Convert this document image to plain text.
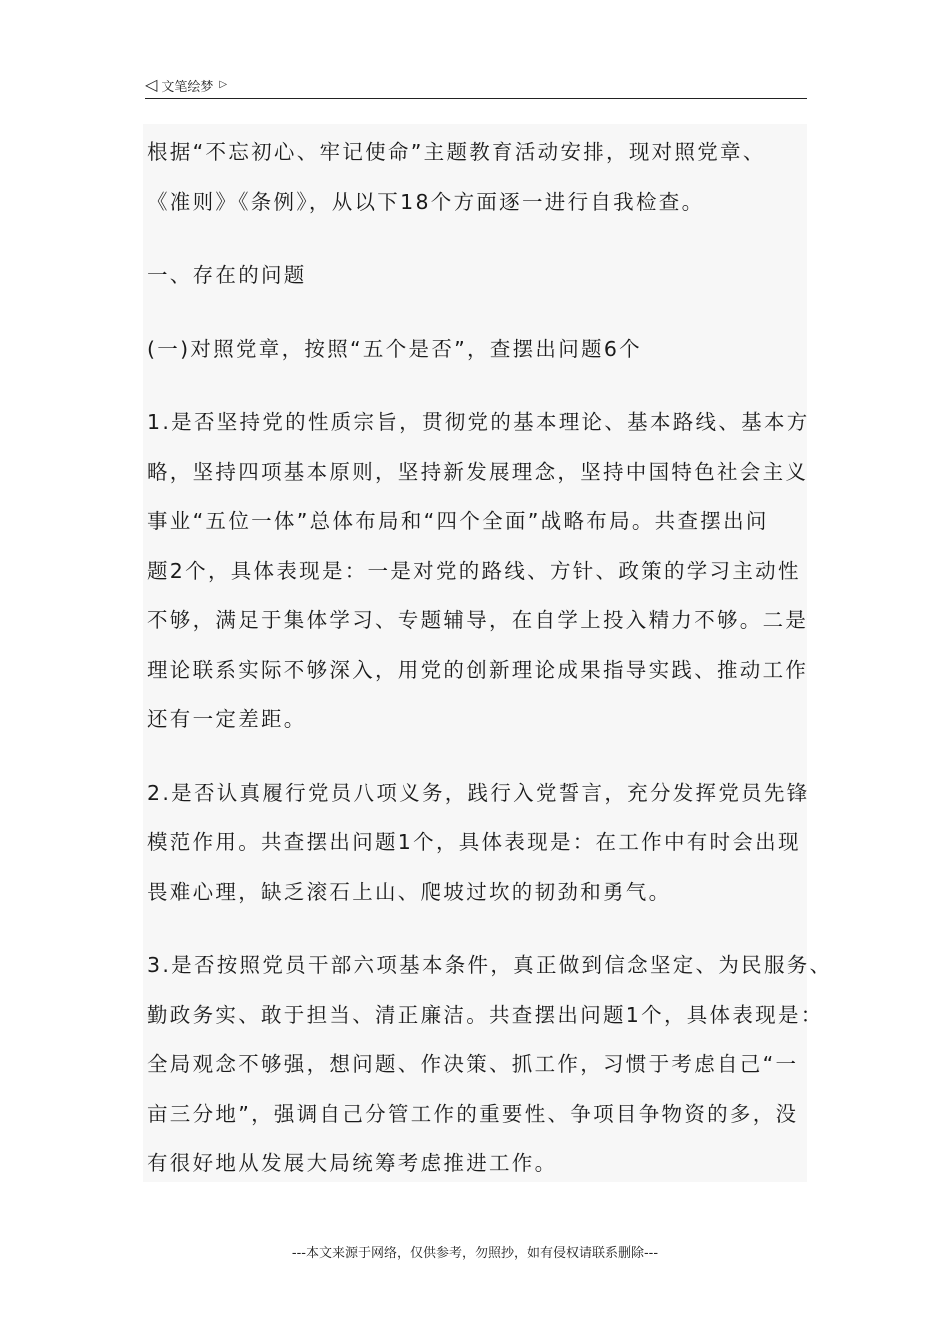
◁ 文笔绘梦 ▷
根据“不忘初心、牢记使命”主题教育活动安排，现对照党章、
《准则》《条例》，从以下18个方面逐一进行自我检查。
一、存在的问题
(一)对照党章，按照“五个是否”，查摆出问题6个
1.是否坚持党的性质宗旨，贯彻党的基本理论、基本路线、基本方
略，坚持四项基本原则，坚持新发展理念，坚持中国特色社会主义
事业“五位一体”总体布局和“四个全面”战略布局。共查摆出问
题2个，具体表现是：一是对党的路线、方针、政策的学习主动性
不够，满足于集体学习、专题辅导，在自学上投入精力不够。二是
理论联系实际不够深入，用党的创新理论成果指导实践、推动工作
还有一定差距。
2.是否认真履行党员八项义务，践行入党誓言，充分发挥党员先锋
模范作用。共查摆出问题1个，具体表现是：在工作中有时会出现
畏难心理，缺乏滚石上山、爬坡过坎的韧劲和勇气。
3.是否按照党员干部六项基本条件，真正做到信念坚定、为民服务、
勤政务实、敢于担当、清正廉洁。共查摆出问题1个，具体表现是：
全局观念不够强，想问题、作决策、抓工作，习惯于考虑自己“一
亩三分地”，强调自己分管工作的重要性、争项目争物资的多，没
有很好地从发展大局统筹考虑推进工作。
---本文来源于网络，仅供参考，勿照抄，如有侵权请联系删除---
